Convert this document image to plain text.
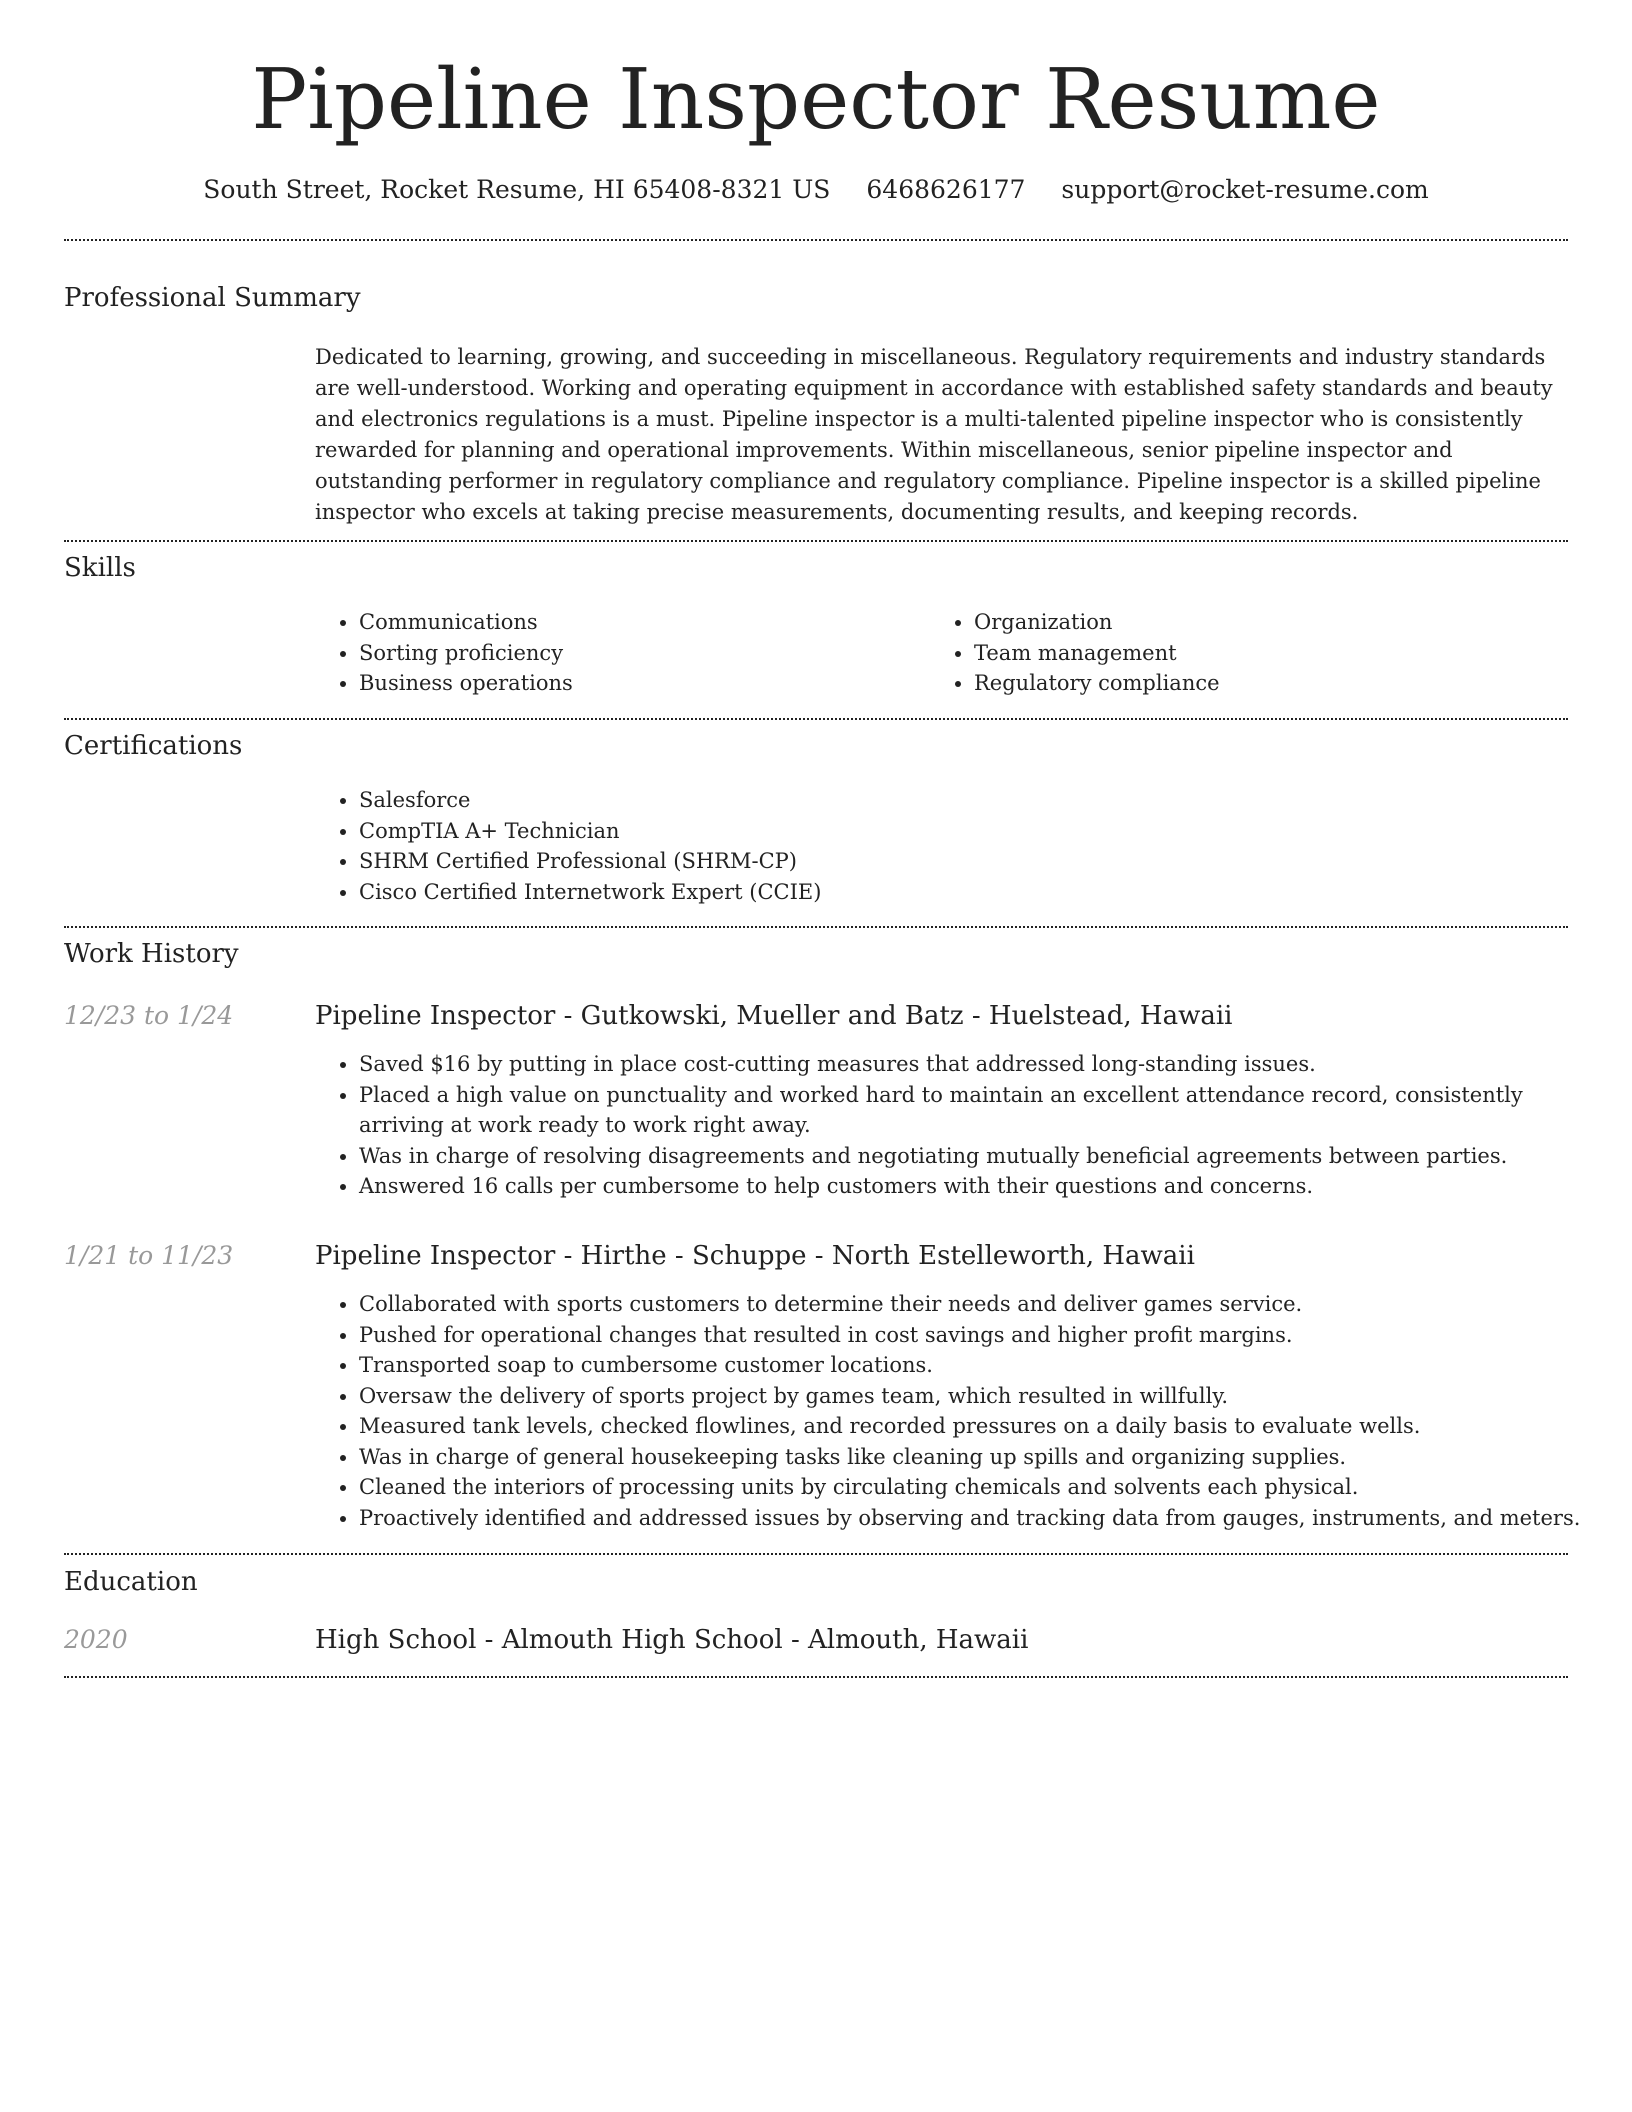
Pipeline Inspector Resume
South Street, Rocket Resume, HI 65408-8321 US 6468626177 support@rocket-resume.com
Professional Summary

Dedicated to learning, growing, and succeeding in miscellaneous. Regulatory requirements and industry standards are well-understood. Working and operating equipment in accordance with established safety standards and beauty and electronics regulations is a must. Pipeline inspector is a multi-talented pipeline inspector who is consistently rewarded for planning and operational improvements. Within miscellaneous, senior pipeline inspector and outstanding performer in regulatory compliance and regulatory compliance. Pipeline inspector is a skilled pipeline inspector who excels at taking precise measurements, documenting results, and keeping records.

Skills
• Communications
• Sorting proficiency
• Business operations
• Organization
• Team management
• Regulatory compliance
Certifications
• Salesforce
• CompTIA A+ Technician
• SHRM Certified Professional (SHRM-CP)
• Cisco Certified Internetwork Expert (CCIE)
Work History
12/23 to 1/24	Pipeline Inspector - Gutkowski, Mueller and Batz - Huelstead, Hawaii
• Saved $16 by putting in place cost-cutting measures that addressed long-standing issues.
• Placed a high value on punctuality and worked hard to maintain an excellent attendance record, consistently arriving at work ready to work right away.
• Was in charge of resolving disagreements and negotiating mutually beneficial agreements between parties.
• Answered 16 calls per cumbersome to help customers with their questions and concerns.
1/21 to 11/23	Pipeline Inspector - Hirthe - Schuppe - North Estelleworth, Hawaii
• Collaborated with sports customers to determine their needs and deliver games service.
• Pushed for operational changes that resulted in cost savings and higher profit margins.
• Transported soap to cumbersome customer locations.
• Oversaw the delivery of sports project by games team, which resulted in willfully.
• Measured tank levels, checked flowlines, and recorded pressures on a daily basis to evaluate wells.
• Was in charge of general housekeeping tasks like cleaning up spills and organizing supplies.
• Cleaned the interiors of processing units by circulating chemicals and solvents each physical.
• Proactively identified and addressed issues by observing and tracking data from gauges, instruments, and meters.
Education
2020	High School - Almouth High School - Almouth, Hawaii
